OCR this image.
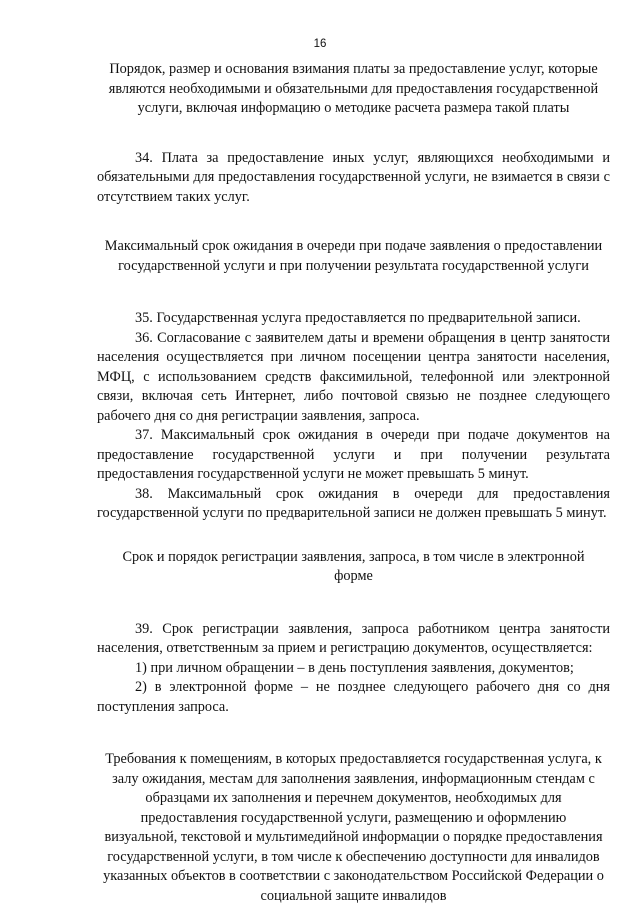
16

Порядок, размер и основания взимания платы за предоставление услуг, которые являются необходимыми и обязательными для предоставления государственной услуги, включая информацию о методике расчета размера такой платы

34. Плата за предоставление иных услуг, являющихся необходимыми и обязательными для предоставления государственной услуги, не взимается в связи с отсутствием таких услуг.

Максимальный срок ожидания в очереди при подаче заявления о предоставлении государственной услуги и при получении результата государственной услуги

35. Государственная услуга предоставляется по предварительной записи.

36. Согласование с заявителем даты и времени обращения в центр занятости населения осуществляется при личном посещении центра занятости населения, МФЦ, с использованием средств факсимильной, телефонной или электронной связи, включая сеть Интернет, либо почтовой связью не позднее следующего рабочего дня со дня регистрации заявления, запроса.

37. Максимальный срок ожидания в очереди при подаче документов на предоставление государственной услуги и при получении результата предоставления государственной услуги не может превышать 5 минут.

38. Максимальный срок ожидания в очереди для предоставления государственной услуги по предварительной записи не должен превышать 5 минут.

Срок и порядок регистрации заявления, запроса, в том числе в электронной форме

39. Срок регистрации заявления, запроса работником центра занятости населения, ответственным за прием и регистрацию документов, осуществляется:

1) при личном обращении – в день поступления заявления, документов;

2) в электронной форме – не позднее следующего рабочего дня со дня поступления запроса.

Требования к помещениям, в которых предоставляется государственная услуга, к залу ожидания, местам для заполнения заявления, информационным стендам с образцами их заполнения и перечнем документов, необходимых для предоставления государственной услуги, размещению и оформлению визуальной, текстовой и мультимедийной информации о порядке предоставления государственной услуги, в том числе к обеспечению доступности для инвалидов указанных объектов в соответствии с законодательством Российской Федерации о социальной защите инвалидов
